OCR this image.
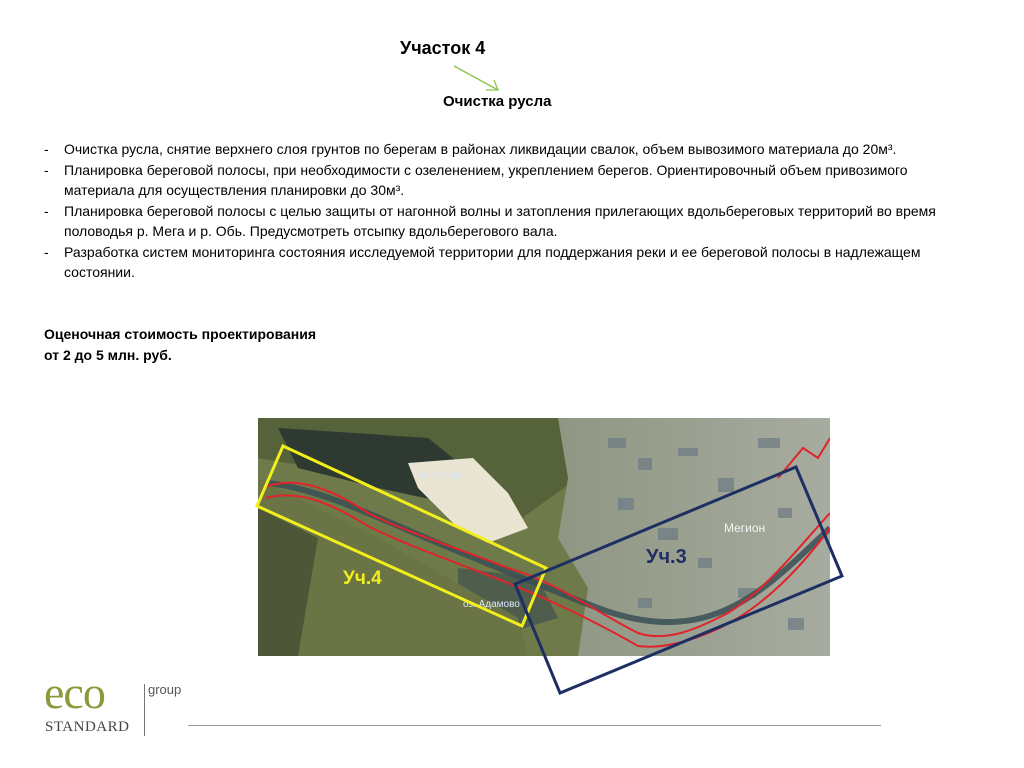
Участок 4
Очистка русла
- Очистка русла, снятие верхнего слоя грунтов по берегам в районах ликвидации свалок, объем вывозимого материала до 20м³.
- Планировка береговой полосы, при необходимости с озеленением, укреплением берегов. Ориентировочный объем привозимого материала для осуществления планировки до 30м³.
- Планировка береговой полосы с целью защиты от нагонной волны и затопления прилегающих вдольбереговых территорий во время половодья р. Мега и р. Обь. Предусмотреть отсыпку вдольберегового вала.
- Разработка систем мониторинга состояния исследуемой территории для поддержания реки и ее береговой полосы в надлежащем состоянии.
Оценочная стоимость проектирования
от 2 до 5 млн. руб.
оз. Согра
оз. Адамово
Мегион
Уч.4
Уч.3
eco
STANDARD
group
